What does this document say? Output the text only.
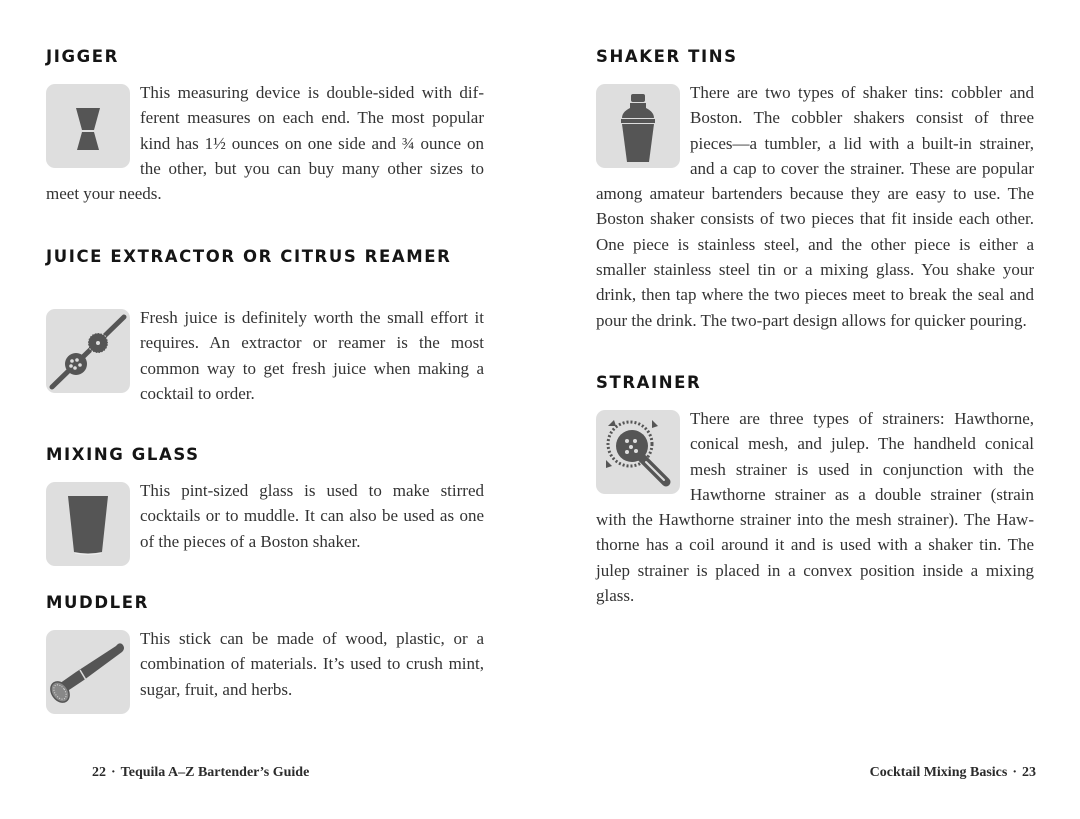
JIGGER
This measuring device is double-sided with different measures on each end. The most popular kind has 1½ ounces on one side and ¾ ounce on the other, but you can buy many other sizes to meet your needs.
JUICE EXTRACTOR OR CITRUS REAMER
Fresh juice is definitely worth the small effort it requires. An extractor or reamer is the most common way to get fresh juice when making a cocktail to order.
MIXING GLASS
This pint-sized glass is used to make stirred cocktails or to muddle. It can also be used as one of the pieces of a Boston shaker.
MUDDLER
This stick can be made of wood, plastic, or a combination of materials. It’s used to crush mint, sugar, fruit, and herbs.
22 · Tequila A–Z Bartender’s Guide
SHAKER TINS
There are two types of shaker tins: cobbler and Boston. The cobbler shakers consist of three pieces—a tumbler, a lid with a built-in strainer, and a cap to cover the strainer. These are popular among amateur bartenders because they are easy to use. The Boston shaker consists of two pieces that fit inside each other. One piece is stainless steel, and the other piece is either a smaller stainless steel tin or a mixing glass. You shake your drink, then tap where the two pieces meet to break the seal and pour the drink. The two-part design allows for quicker pouring.
STRAINER
There are three types of strainers: Hawthorne, conical mesh, and julep. The handheld conical mesh strainer is used in conjunction with the Hawthorne strainer as a double strainer (strain with the Hawthorne strainer into the mesh strainer). The Hawthorne has a coil around it and is used with a shaker tin. The julep strainer is placed in a convex position inside a mixing glass.
Cocktail Mixing Basics · 23
